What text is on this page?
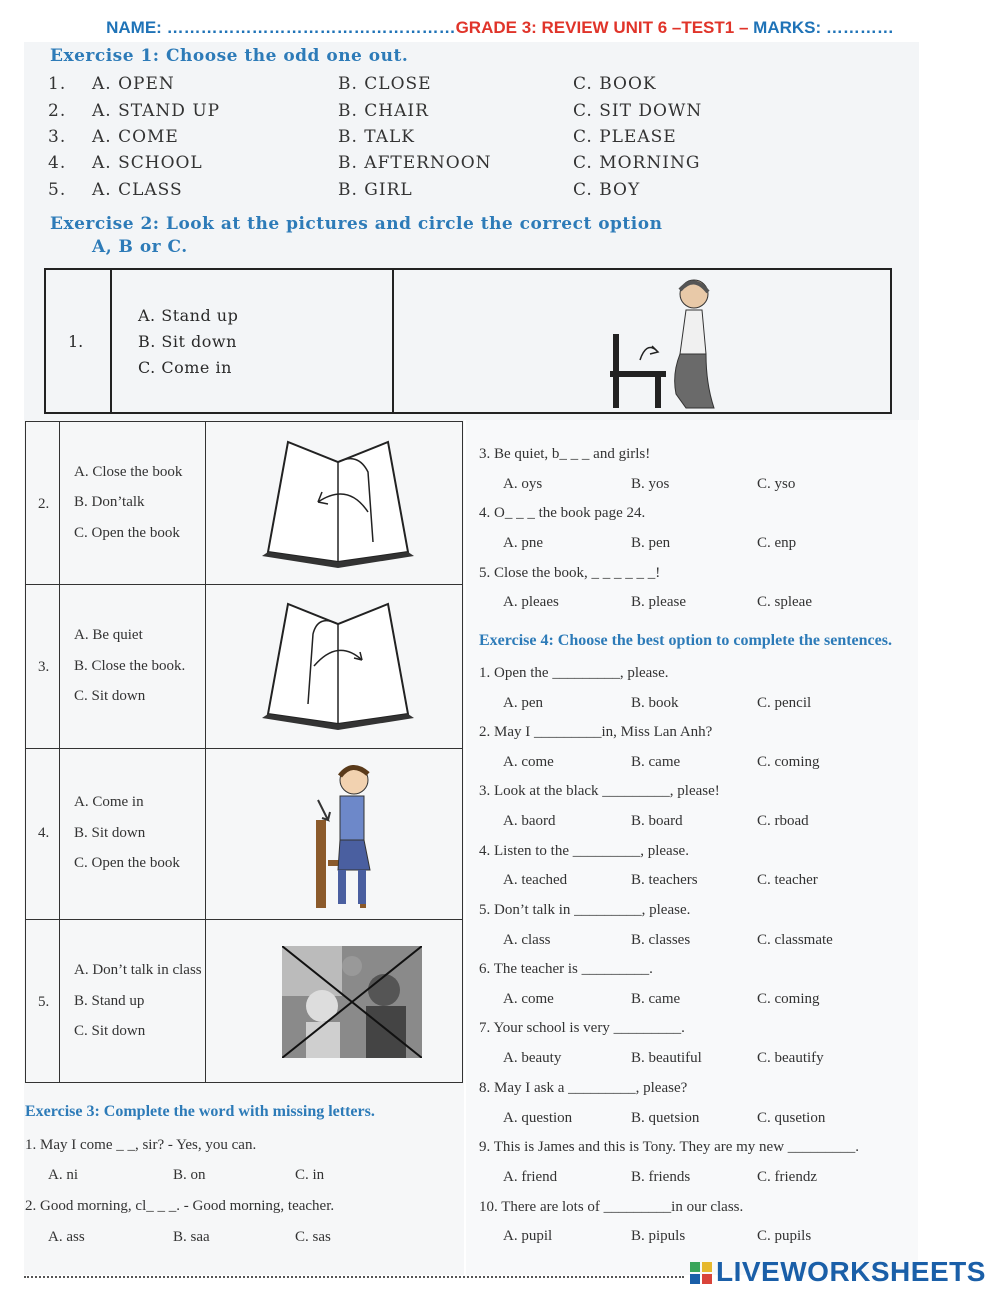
NAME: ……………………………………………GRADE 3: REVIEW UNIT 6 –TEST1 – MARKS: …………
Exercise 1: Choose the odd one out.
1. A. OPEN	B. CLOSE	C. BOOK
2. A. STAND UP	B. CHAIR	C. SIT DOWN
3. A. COME	B. TALK	C. PLEASE
4. A. SCHOOL	B. AFTERNOON	C. MORNING
5. A. CLASS	B. GIRL	C. BOY
Exercise 2: Look at the pictures and circle the correct option
A, B or C.
1.
A. Stand up
B. Sit down
C. Come in
2.
A. Close the book
B. Don’talk
C. Open the book
3.
A. Be quiet
B. Close the book.
C. Sit down
4.
A. Come in
B. Sit down
C. Open the book
5.
A. Don’t talk in class
B. Stand up
C. Sit down
Exercise 3: Complete the word with missing letters.
1. May I come _ _, sir? - Yes, you can.
A. ni	B. on	C. in
2. Good morning, cl_ _ _. - Good morning, teacher.
A. ass	B. saa	C. sas
3. Be quiet, b_ _ _ and girls!
A. oys	B. yos	C. yso
4. O_ _ _ the book page 24.
A. pne	B. pen	C. enp
5. Close the book, _ _ _ _ _ _!
A. pleaes	B. please	C. spleae
Exercise 4: Choose the best option to complete the sentences.
1. Open the _________, please.
A. pen	B. book	C. pencil
2. May I _________in, Miss Lan Anh?
A. come	B. came	C. coming
3. Look at the black _________, please!
A. baord	B. board	C. rboad
4. Listen to the _________, please.
A. teached	B. teachers	C. teacher
5. Don’t talk in _________, please.
A. class	B. classes	C. classmate
6. The teacher is _________.
A. come	B. came	C. coming
7. Your school is very _________.
A. beauty	B. beautiful	C. beautify
8. May I ask a _________, please?
A. question	B. quetsion	C. qusetion
9. This is James and this is Tony. They are my new _________.
A. friend	B. friends	C. friendz
10. There are lots of _________in our class.
A. pupil	B. pipuls	C. pupils
LIVEWORKSHEETS
